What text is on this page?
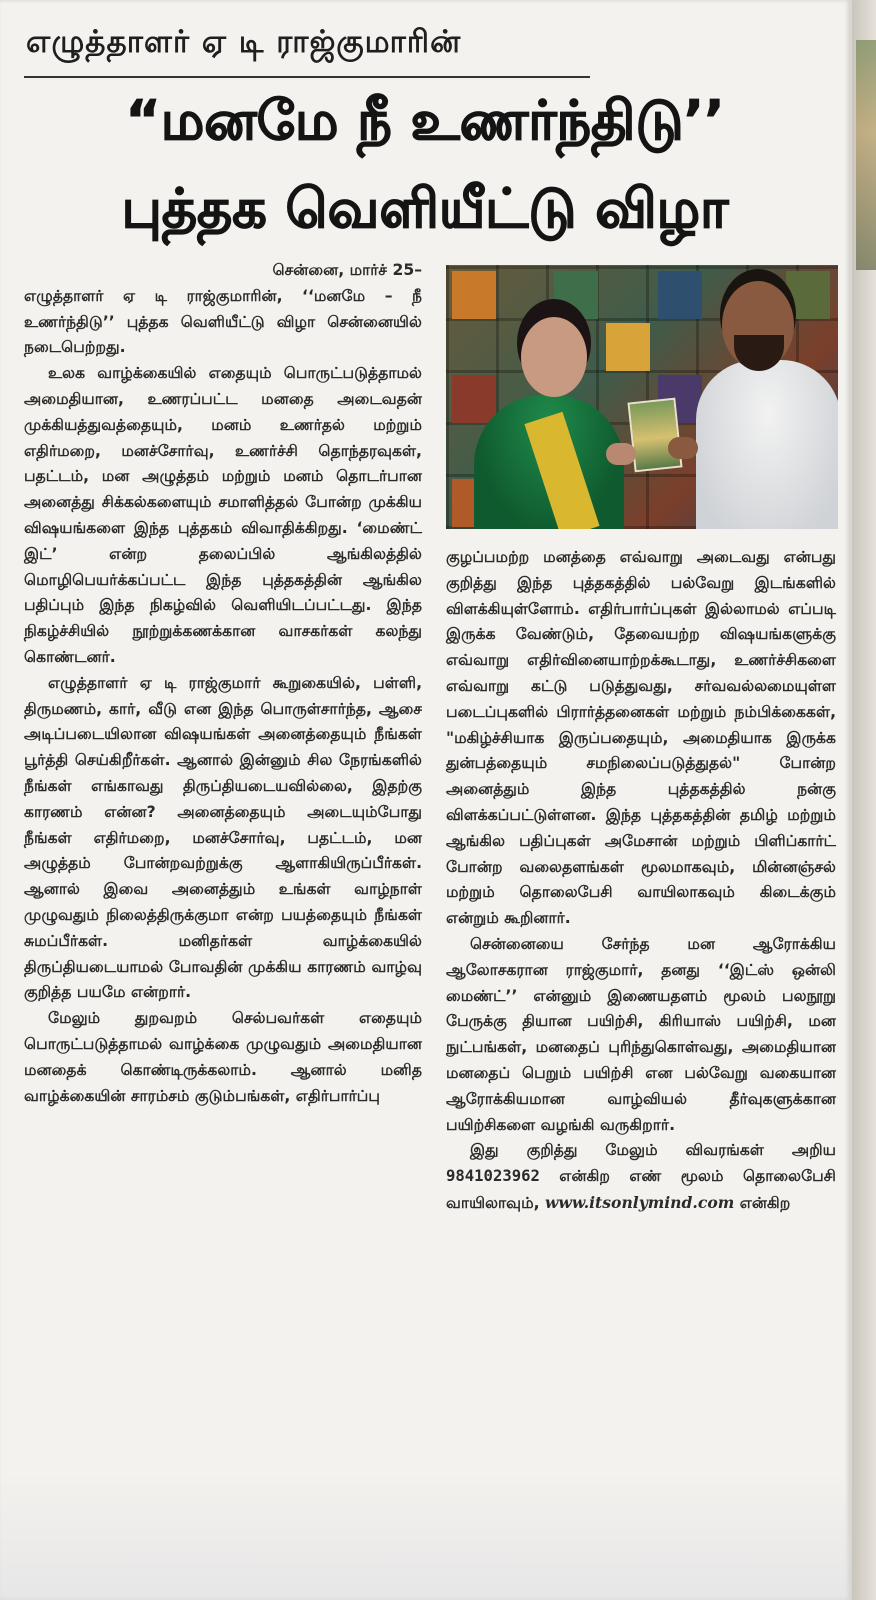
எழுத்தாளர் ஏ டி ராஜ்குமாரின்
“மனமே நீ உணர்ந்திடு’’
புத்தக வெளியீட்டு விழா
சென்னை, மார்ச் 25–

எழுத்தாளர் ஏ டி ராஜ்குமாரின், ‘‘மனமே – நீ உணர்ந்திடு’’ புத்தக வெளியீட்டு விழா சென்னையில் நடைபெற்றது.

உலக வாழ்க்கையில் எதையும் பொருட்படுத்தாமல் அமைதியான, உணரப்பட்ட மனதை அடைவதன் முக்கியத்துவத்தையும், மனம் உணர்தல் மற்றும் எதிர்மறை, மனச்சோர்வு, உணர்ச்சி தொந்தரவுகள், பதட்டம், மன அழுத்தம் மற்றும் மனம் தொடர்பான அனைத்து சிக்கல்களையும் சமாளித்தல் போன்ற முக்கிய விஷயங்களை இந்த புத்தகம் விவாதிக்கிறது. ‘மைண்ட் இட்’ என்ற தலைப்பில் ஆங்கிலத்தில் மொழிபெயர்க்கப்பட்ட இந்த புத்தகத்தின் ஆங்கில பதிப்பும் இந்த நிகழ்வில் வெளியிடப்பட்டது. இந்த நிகழ்ச்சியில் நூற்றுக்கணக்கான வாசகர்கள் கலந்து கொண்டனர்.

எழுத்தாளர் ஏ டி ராஜ்குமார் கூறுகையில், பள்ளி, திருமணம், கார், வீடு என இந்த பொருள்சார்ந்த, ஆசை அடிப்படையிலான விஷயங்கள் அனைத்தையும் நீங்கள் பூர்த்தி செய்கிறீர்கள். ஆனால் இன்னும் சில நேரங்களில் நீங்கள் எங்காவது திருப்தியடையவில்லை, இதற்கு காரணம் என்ன? அனைத்தையும் அடையும்போது நீங்கள் எதிர்மறை, மனச்சோர்வு, பதட்டம், மன அழுத்தம் போன்றவற்றுக்கு ஆளாகியிருப்பீர்கள். ஆனால் இவை அனைத்தும் உங்கள் வாழ்நாள் முழுவதும் நிலைத்திருக்குமா என்ற பயத்தையும் நீங்கள் சுமப்பீர்கள். மனிதர்கள் வாழ்க்கையில் திருப்தியடையாமல் போவதின் முக்கிய காரணம் வாழ்வு குறித்த பயமே என்றார்.

மேலும் துறவறம் செல்பவர்கள் எதையும் பொருட்படுத்தாமல் வாழ்க்கை முழுவதும் அமைதியான மனதைக் கொண்டிருக்கலாம். ஆனால் மனித வாழ்க்கையின் சாரம்சம் குடும்பங்கள், எதிர்பார்ப்பு

குழப்பமற்ற மனத்தை எவ்வாறு அடைவது என்பது குறித்து இந்த புத்தகத்தில் பல்வேறு இடங்களில் விளக்கியுள்ளோம். எதிர்பார்ப்புகள் இல்லாமல் எப்படி இருக்க வேண்டும், தேவையற்ற விஷயங்களுக்கு எவ்வாறு எதிர்வினையாற்றக்கூடாது, உணர்ச்சிகளை எவ்வாறு கட்டு படுத்துவது, சர்வவல்லமையுள்ள படைப்புகளில் பிரார்த்தனைகள் மற்றும் நம்பிக்கைகள், "மகிழ்ச்சியாக இருப்பதையும், அமைதியாக இருக்க துன்பத்தையும் சமநிலைப்படுத்துதல்" போன்ற அனைத்தும் இந்த புத்தகத்தில் நன்கு விளக்கப்பட்டுள்ளன. இந்த புத்தகத்தின் தமிழ் மற்றும் ஆங்கில பதிப்புகள் அமேசான் மற்றும் பிளிப்கார்ட் போன்ற வலைதளங்கள் மூலமாகவும், மின்னஞ்சல் மற்றும் தொலைபேசி வாயிலாகவும் கிடைக்கும் என்றும் கூறினார்.

சென்னையை சேர்ந்த மன ஆரோக்கிய ஆலோசகரான ராஜ்குமார், தனது ‘‘இட்ஸ் ஒன்லி மைண்ட்’’ என்னும் இணையதளம் மூலம் பலநூறு பேருக்கு தியான பயிற்சி, கிரியாஸ் பயிற்சி, மன நுட்பங்கள், மனதைப் புரிந்துகொள்வது, அமைதியான மனதைப் பெறும் பயிற்சி என பல்வேறு வகையான ஆரோக்கியமான வாழ்வியல் தீர்வுகளுக்கான பயிற்சிகளை வழங்கி வருகிறார்.

இது குறித்து மேலும் விவரங்கள் அறிய 9841023962 என்கிற எண் மூலம் தொலைபேசி வாயிலாவும், www.itsonlymind.com என்கிற
